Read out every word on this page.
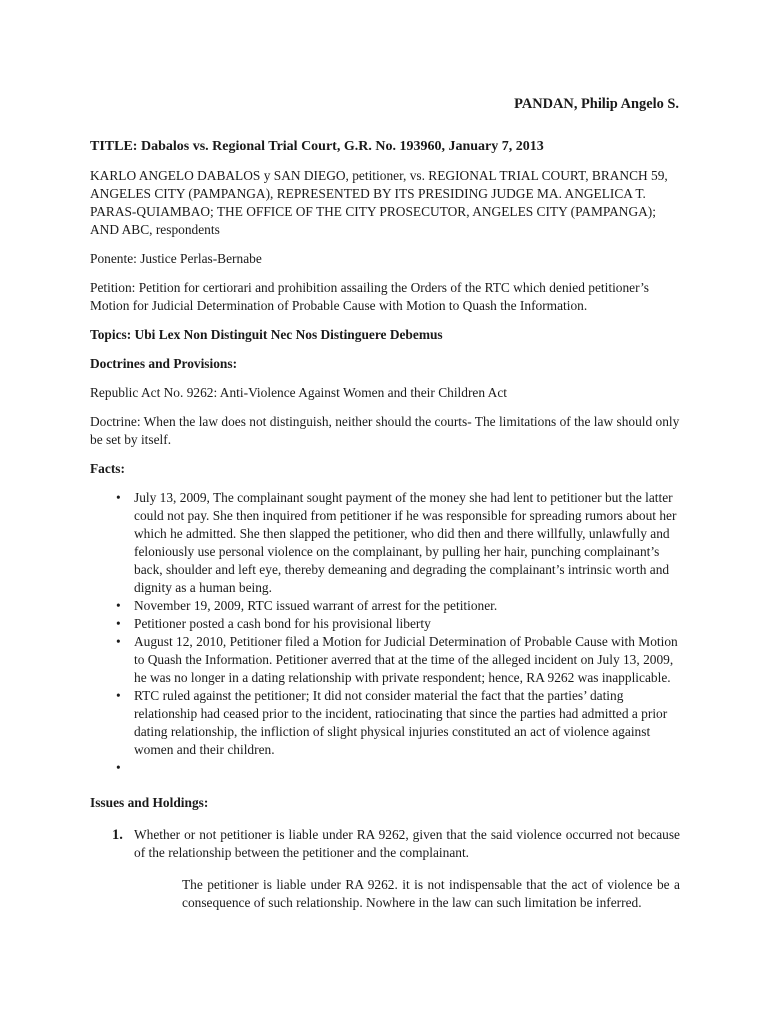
PANDAN, Philip Angelo S.

TITLE: Dabalos vs. Regional Trial Court, G.R. No. 193960, January 7, 2013

KARLO ANGELO DABALOS y SAN DIEGO, petitioner, vs. REGIONAL TRIAL COURT, BRANCH 59, ANGELES CITY (PAMPANGA), REPRESENTED BY ITS PRESIDING JUDGE MA. ANGELICA T. PARAS-QUIAMBAO; THE OFFICE OF THE CITY PROSECUTOR, ANGELES CITY (PAMPANGA); AND ABC, respondents

Ponente: Justice Perlas-Bernabe

Petition: Petition for certiorari and prohibition assailing the Orders of the RTC which denied petitioner’s Motion for Judicial Determination of Probable Cause with Motion to Quash the Information.

Topics: Ubi Lex Non Distinguit Nec Nos Distinguere Debemus

Doctrines and Provisions:

Republic Act No. 9262: Anti-Violence Against Women and their Children Act

Doctrine: When the law does not distinguish, neither should the courts- The limitations of the law should only be set by itself.

Facts:

• July 13, 2009, The complainant sought payment of the money she had lent to petitioner but the latter could not pay. She then inquired from petitioner if he was responsible for spreading rumors about her which he admitted. She then slapped the petitioner, who did then and there willfully, unlawfully and feloniously use personal violence on the complainant, by pulling her hair, punching complainant’s back, shoulder and left eye, thereby demeaning and degrading the complainant’s intrinsic worth and dignity as a human being.
• November 19, 2009, RTC issued warrant of arrest for the petitioner.
• Petitioner posted a cash bond for his provisional liberty
• August 12, 2010, Petitioner filed a Motion for Judicial Determination of Probable Cause with Motion to Quash the Information. Petitioner averred that at the time of the alleged incident on July 13, 2009, he was no longer in a dating relationship with private respondent; hence, RA 9262 was inapplicable.
• RTC ruled against the petitioner; It did not consider material the fact that the parties’ dating relationship had ceased prior to the incident, ratiocinating that since the parties had admitted a prior dating relationship, the infliction of slight physical injuries constituted an act of violence against women and their children.
•

Issues and Holdings:

1. Whether or not petitioner is liable under RA 9262, given that the said violence occurred not because of the relationship between the petitioner and the complainant.

The petitioner is liable under RA 9262. it is not indispensable that the act of violence be a consequence of such relationship. Nowhere in the law can such limitation be inferred.
